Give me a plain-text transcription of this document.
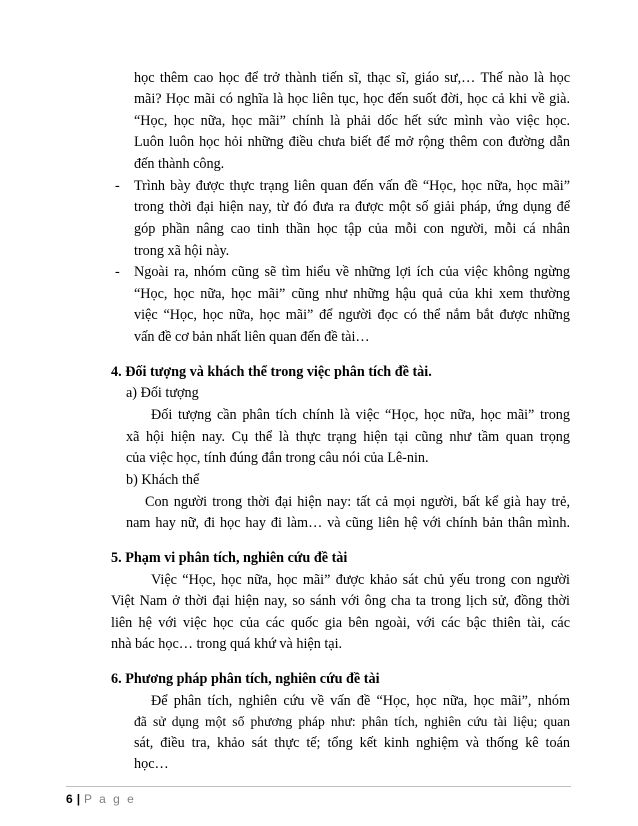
học thêm cao học để trở thành tiến sĩ, thạc sĩ, giáo sư,… Thế nào là học
mãi? Học mãi có nghĩa là học liên tục, học đến suốt đời, học cả khi về già.
“Học, học nữa, học mãi” chính là phải dốc hết sức mình vào việc học.
Luôn luôn học hỏi những điều chưa biết để mở rộng thêm con đường dẫn
đến thành công.
- Trình bày được thực trạng liên quan đến vấn đề “Học, học nữa, học mãi”
trong thời đại hiện nay, từ đó đưa ra được một số giải pháp, ứng dụng để
góp phần nâng cao tinh thần học tập của mỗi con người, mỗi cá nhân
trong xã hội này.
- Ngoài ra, nhóm cũng sẽ tìm hiểu về những lợi ích của việc không ngừng
“Học, học nữa, học mãi” cũng như những hậu quả của khi xem thường
việc “Học, học nữa, học mãi” để người đọc có thể nắm bắt được những
vấn đề cơ bản nhất liên quan đến đề tài…
4. Đối tượng và khách thể trong việc phân tích đề tài.
a) Đối tượng
Đối tượng cần phân tích chính là việc “Học, học nữa, học mãi” trong
xã hội hiện nay. Cụ thể là thực trạng hiện tại cũng như tầm quan trọng
của việc học, tính đúng đắn trong câu nói của Lê-nin.
b) Khách thể
Con người trong thời đại hiện nay: tất cả mọi người, bất kể già hay trẻ,
nam hay nữ, đi học hay đi làm… và cũng liên hệ với chính bản thân mình.
5. Phạm vi phân tích, nghiên cứu đề tài
Việc “Học, học nữa, học mãi” được khảo sát chủ yếu trong con người
Việt Nam ở thời đại hiện nay, so sánh với ông cha ta trong lịch sử, đồng thời
liên hệ với việc học của các quốc gia bên ngoài, với các bậc thiên tài, các
nhà bác học… trong quá khứ và hiện tại.
6. Phương pháp phân tích, nghiên cứu đề tài
Để phân tích, nghiên cứu về vấn đề “Học, học nữa, học mãi”, nhóm
đã sử dụng một số phương pháp như: phân tích, nghiên cứu tài liệu; quan
sát, điều tra, khảo sát thực tế; tổng kết kinh nghiệm và thống kê toán
học…
6 | P a g e
